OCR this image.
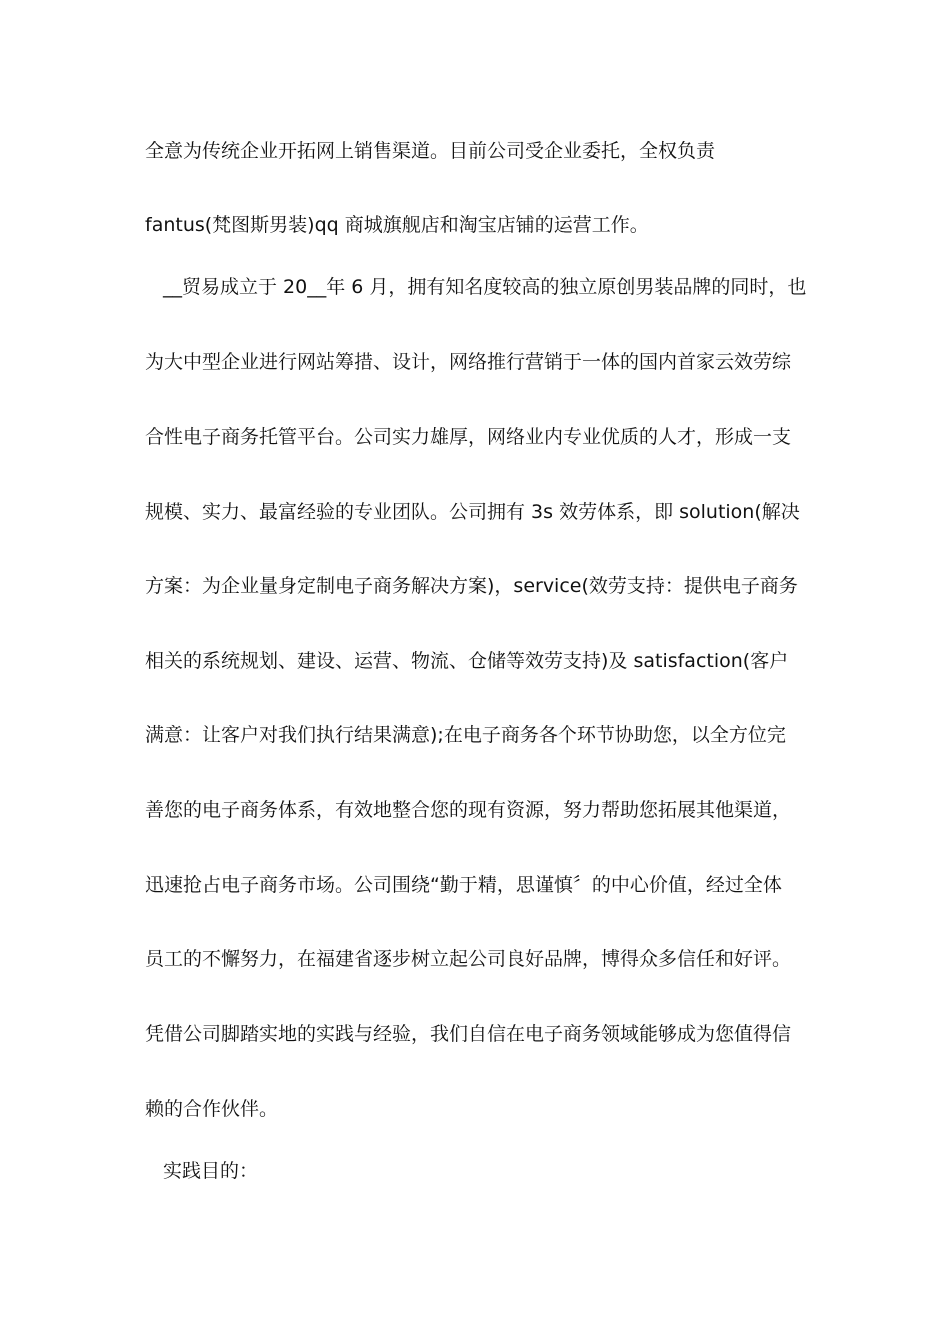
全意为传统企业开拓网上销售渠道。目前公司受企业委托，全权负责
fantus(梵图斯男装)qq 商城旗舰店和淘宝店铺的运营工作。
__贸易成立于 20__年 6 月，拥有知名度较高的独立原创男装品牌的同时，也
为大中型企业进行网站筹措、设计，网络推行营销于一体的国内首家云效劳综
合性电子商务托管平台。公司实力雄厚，网络业内专业优质的人才，形成一支
规模、实力、最富经验的专业团队。公司拥有 3s 效劳体系，即 solution(解决
方案：为企业量身定制电子商务解决方案)，service(效劳支持：提供电子商务
相关的系统规划、建设、运营、物流、仓储等效劳支持)及 satisfaction(客户
满意：让客户对我们执行结果满意);在电子商务各个环节协助您，以全方位完
善您的电子商务体系，有效地整合您的现有资源，努力帮助您拓展其他渠道，
迅速抢占电子商务市场。公司围绕“勤于精，思谨慎〞的中心价值，经过全体
员工的不懈努力，在福建省逐步树立起公司良好品牌，博得众多信任和好评。
凭借公司脚踏实地的实践与经验，我们自信在电子商务领域能够成为您值得信
赖的合作伙伴。
实践目的：
